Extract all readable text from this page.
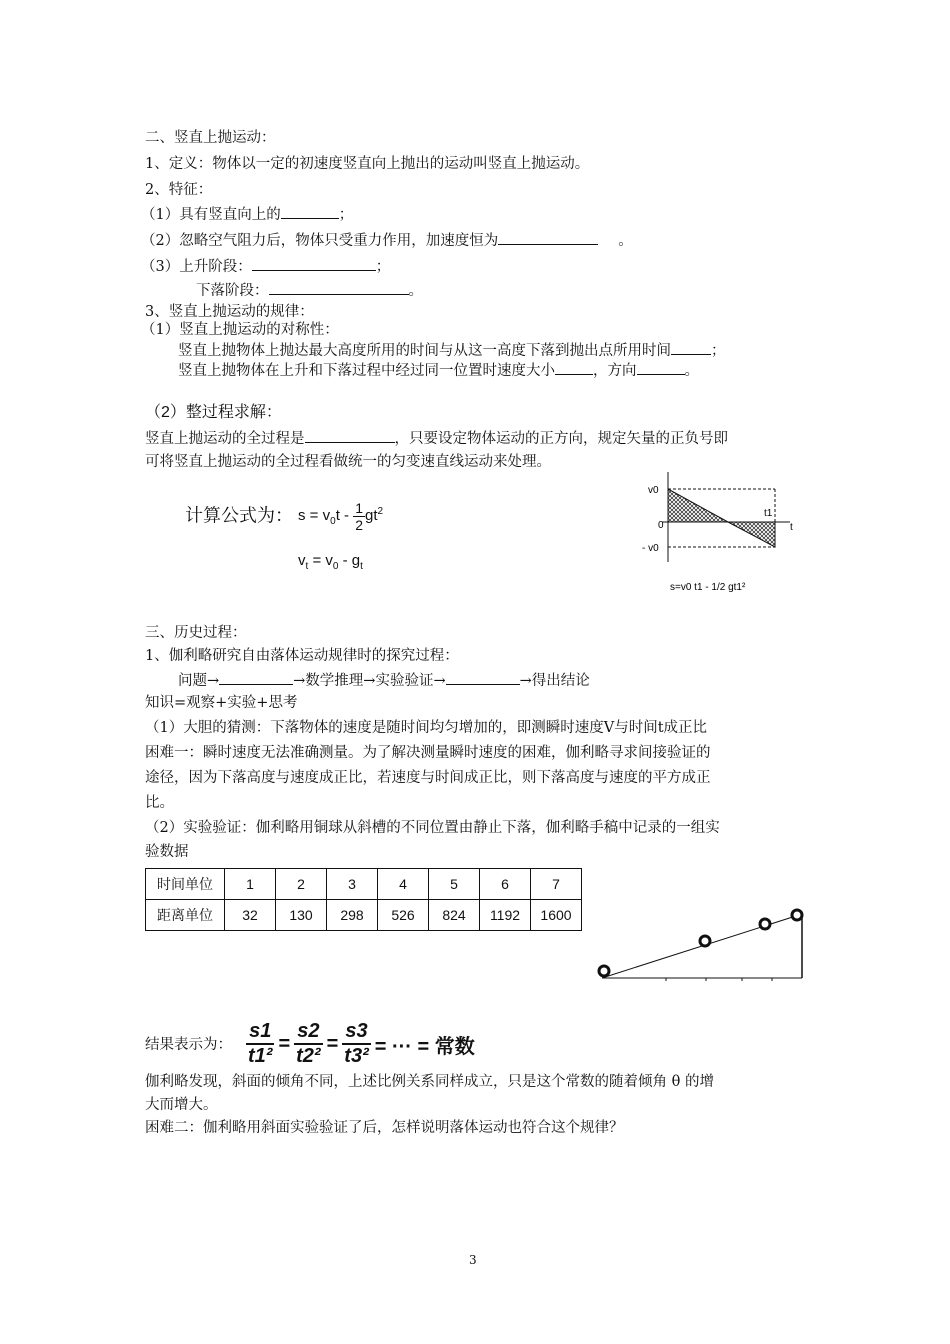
二、竖直上抛运动：
1、定义：物体以一定的初速度竖直向上抛出的运动叫竖直上抛运动。
2、特征：
（1）具有竖直向上的	；
（2）忽略空气阻力后，物体只受重力作用，加速度恒为	。
（3）上升阶段：	；
下落阶段：	。
3、竖直上抛运动的规律：
（1）竖直上抛运动的对称性：
竖直上抛物体上抛达最大高度所用的时间与从这一高度下落到抛出点所用时间	；
竖直上抛物体在上升和下落过程中经过同一位置时速度大小	，方向	。
（2）整过程求解：
竖直上抛运动的全过程是	，只要设定物体运动的正方向，规定矢量的正负号即
可将竖直上抛运动的全过程看做统一的匀变速直线运动来处理。
计算公式为： $s = v_0t - \frac{1}{2} gt^2$
$v_t = v_0 - g_t$
v0
0
- v0
t1
t
s=v0 t1 - 1/2 gt1²
三、历史过程：
1、伽利略研究自由落体运动规律时的探究过程：
问题→	→数学推理→实验验证→	→得出结论
知识=观察+实验+思考
（1）大胆的猜测：下落物体的速度是随时间均匀增加的，即测瞬时速度V与时间t成正比
困难一：瞬时速度无法准确测量。为了解决测量瞬时速度的困难，伽利略寻求间接验证的
途径，因为下落高度与速度成正比，若速度与时间成正比，则下落高度与速度的平方成正
比。
（2）实验验证：伽利略用铜球从斜槽的不同位置由静止下落，伽利略手稿中记录的一组实
验数据
时间单位	1	2	3	4	5	6	7
距离单位	32	130	298	526	824	1192	1600
结果表示为： $\frac{s1}{\text{t1²}} = \frac{s2}{\text{t2²}} = \frac{s3}{\text{t3²}}$ = ··· = 常数
伽利略发现，斜面的倾角不同，上述比例关系同样成立，只是这个常数的随着倾角 θ 的增
大而增大。
困难二：伽利略用斜面实验验证了后，怎样说明落体运动也符合这个规律？
3
